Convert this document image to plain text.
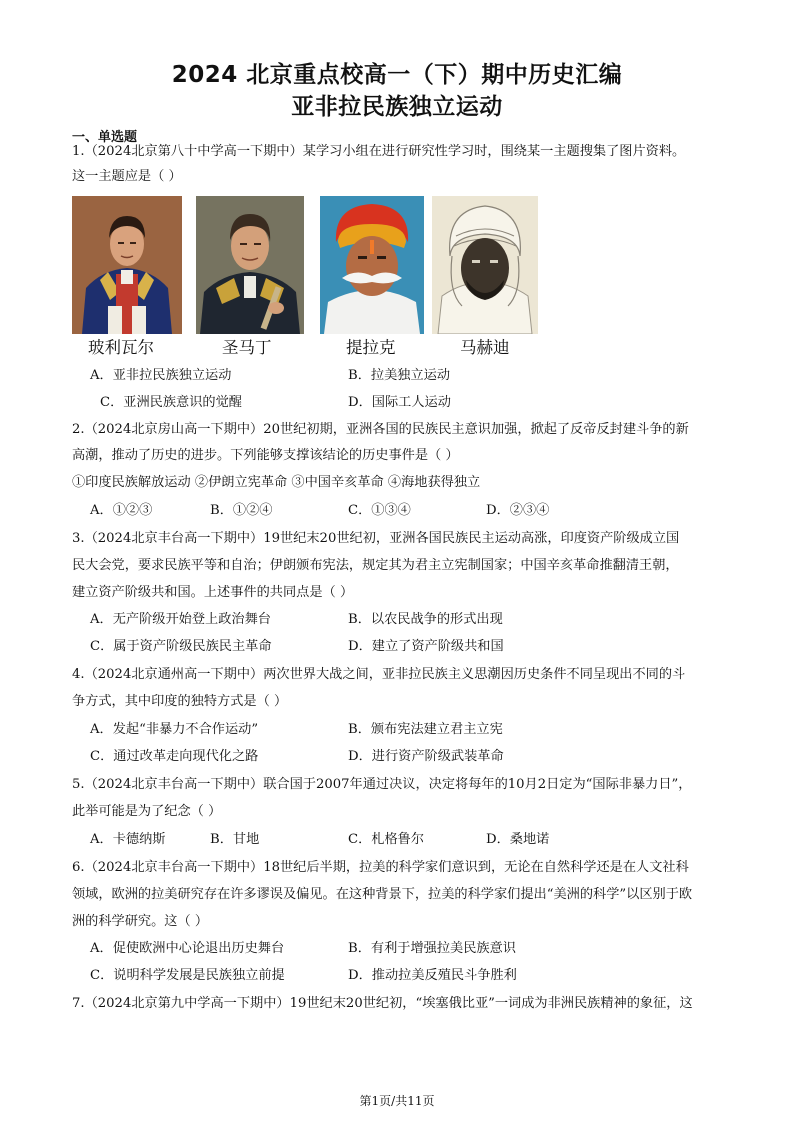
2024 北京重点校高一（下）期中历史汇编
亚非拉民族独立运动
一、单选题
1.（2024北京第八十中学高一下期中）某学习小组在进行研究性学习时，围绕某一主题搜集了图片资料。
这一主题应是（ ）
玻利瓦尔	圣马丁	提拉克	马赫迪
A．亚非拉民族独立运动	B．拉美独立运动
C．亚洲民族意识的觉醒	D．国际工人运动
2.（2024北京房山高一下期中）20世纪初期，亚洲各国的民族民主意识加强，掀起了反帝反封建斗争的新
高潮，推动了历史的进步。下列能够支撑该结论的历史事件是（ ）
①印度民族解放运动 ②伊朗立宪革命 ③中国辛亥革命 ④海地获得独立
A．①②③	B．①②④	C．①③④	D．②③④
3.（2024北京丰台高一下期中）19世纪末20世纪初，亚洲各国民族民主运动高涨，印度资产阶级成立国
民大会党，要求民族平等和自治；伊朗颁布宪法，规定其为君主立宪制国家；中国辛亥革命推翻清王朝，
建立资产阶级共和国。上述事件的共同点是（ ）
A．无产阶级开始登上政治舞台	B．以农民战争的形式出现
C．属于资产阶级民族民主革命	D．建立了资产阶级共和国
4.（2024北京通州高一下期中）两次世界大战之间，亚非拉民族主义思潮因历史条件不同呈现出不同的斗
争方式，其中印度的独特方式是（ ）
A．发起“非暴力不合作运动”	B．颁布宪法建立君主立宪
C．通过改革走向现代化之路	D．进行资产阶级武装革命
5.（2024北京丰台高一下期中）联合国于2007年通过决议，决定将每年的10月2日定为“国际非暴力日”，
此举可能是为了纪念（ ）
A．卡德纳斯	B．甘地	C．札格鲁尔	D．桑地诺
6.（2024北京丰台高一下期中）18世纪后半期，拉美的科学家们意识到，无论在自然科学还是在人文社科
领域，欧洲的拉美研究存在许多谬误及偏见。在这种背景下，拉美的科学家们提出“美洲的科学”以区别于欧
洲的科学研究。这（ ）
A．促使欧洲中心论退出历史舞台	B．有利于增强拉美民族意识
C．说明科学发展是民族独立前提	D．推动拉美反殖民斗争胜利
7.（2024北京第九中学高一下期中）19世纪末20世纪初，“埃塞俄比亚”一词成为非洲民族精神的象征，这
第1页/共11页
